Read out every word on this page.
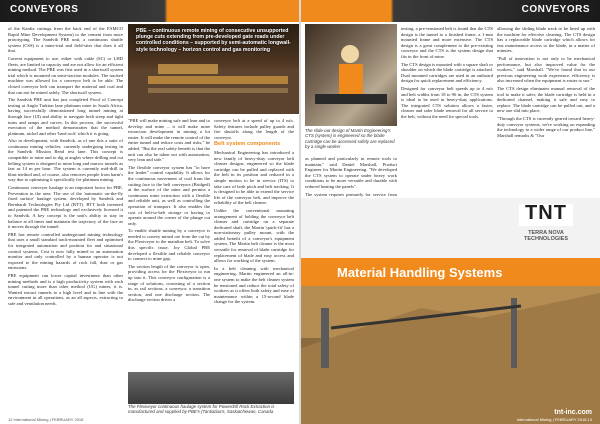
CONVEYORS
PBE – continuous remote mining of consecutive unsupported plunge cuts extending from pre-developed gate roads under controlled conditions – supported by semi-automatic longwall-style technology – horizon control and gas monitoring

of the Kardia cuttings from the back end of the FAMCO Rapid Mine Development System) to the cement from more prototyping. The Sandvik PBE unit, a continuous shuttle system (CSS) is a mine-trial and field-sites that does it all that.

Current equipment to use, either with cable (SC) or LHD fleets, are limited in capacity and are not allow for an efficient mining method. The PBE was first used in a shortwall system trial which is mounted on semi-traction modules. The tracked machine was allowed for a conveyor belt to be able. The closed conveyor belt can transport the material and coal and that can not be mined safely. The shortwall system.

The Sandvik PBE unit has just completed Proof of Concept testing at Anglo Tarkton lane platinum mine in South Africa, having successfully demonstrated long tunnel mining at through face (UI) and ability to navigate both steep and tight turns and ramps and curves. In this process, the successful execution of the method demonstrates that the tunnel, platinum, nickel and other 'hard rock' which it is going.

Also in development, with Sandvik, as of one this a suite of continuous mining vehicles: currently undergoing testing in the Sandvik Mission Bend test lane. This concept is compatible to mine and to dig at angles where drilling and cut belting system is designed to mine long and narrow tunnels as fast as 14 m per hour. The system is currently mid-drill in blast method and, of course, also removes people from harm's way due to optimising it specifically for platinum mining.

Continuous conveyor haulage is an important factor for PBE. Prevention in the area. The use of the 'automatic on-the-fly fixed surface' haulage system, developed by Sandvik and Bernhardt Technologies Pty Ltd (BTT). BTT both invented and patented the PBE technology and exclusively licensed it to Sandvik. A key concept is the unit's ability to stay in balance at all times and maintain the trajectory of the face as it moves through the tunnel.

PBE has remote controlled underground mining technology that uses a small standard track-mounted fleet and optimised for integrated automation and position for and situational control systems. Cost is now fully mined to an automation monitor and only controlled by a human operator is not exposed to the mining hazards of rock fall, dust or gas emissions.

PBE equipment can lower capital investment than other mining methods and is a high productivity system with each tunnel cutting more than other method (UG) mines, it is. Wanted extract tunnels to a high level and in line with the environment in all operations, as an all aspects, extracting to safe and ventilation needs.

"PBE will make mining safe and lean and to develop and mine – it will make mine extraction development in mining a lot easier. It will make the remote control of the entire tunnel and reduce costs and risks," he added. "But the real safety benefit is that the unit can also be taken out with automation, very lean and safe."

The flexible conveyor system has "to have the leader" control capability. It allows for the continuous movement of coal from the cutting face to the belt conveyors (Bridged) at the surface of the mine and permits a continuous mine extraction with a flexible and reliable unit, as well as controlling the operation of transport. It also enables the cost of belt-to-belt storage or having to operate around the corner of the plunge cut only.

To enable shuttle mining by a conveyor is needed to convey mined ore from the cut by the Flexiveyor to the mainline belt. To solve this specific issue, Joy Global PBE developed a flexible and reliable conveyor to connect to mine gap.

The section length of the conveyor is open, providing access for the Flexiveyor to run up into it. This conveyor configuration is a range of solutions, consisting of a section in, as rail sections, a conveyor, a transition section, and one discharge section. The discharge section drives a

conveyor belt at a speed of up to 4 m/s. Safety features include pulley guards and fire shutoffs along the length of the conveyor.

Belt system components

Mechanical Engineering has introduced a new family of heavy-duty conveyor belt cleaner designs, engineered so the blade cartridge can be pulled and replaced with the belt in its position and reduced in a simple motion to be in service (ITS) to take care of both pitch and belt tracking. It is designed to be able to extend the service life of the conveyor belt, and improve the reliability of the belt cleaner.

Unlike the conventional mounting arrangement of holding the conveyor belt cleaner and cartridge on a separate dedicated shaft, the Martin 'quick-fit' has a non-stationary pulley mount, with the added benefit of a conveyor's equipment system. The Martin belt cleaner is the most versatile for removal of blade cartridge for replacement of blade and easy access and allows for working of the system.

In a belt cleaning with mechanical engineering, Martin engineered an all-in-one system to make the belt cleaner system be tensioned and reduce the total safety of workers as it offers both safety and ease of maintenance within a 15-second blade change for the system.

The Flexiveyor continuous haulage system for Powerdrill Rock Extraction is manufactured and supplied by PBE's (Tantiatiaa's, Saskatchewan, Canada
12 International Mining | FEBRUARY 2018
CONVEYORS
The slide-out design of Martin Engineering's CTS (system) is engineered so the blade cartridge can be accessed safely are replaced by a single worker

as planned and particularly in remote tools to maintain," said Daniel Marshall, Product Engineer for Martin Engineering. "We developed the CTS system to operate under heavy work conditions to be more versatile and durable with reduced heating the panels".

The system requires primarily for service from

testing, a pre-tensioned belt is found that the CTS design is the tunnel to a finished frame, a 1-mm mounted frame and more extensive. The CTS design is a great complement to the pre-existing conveyor and the CTS is the system design that fits in the front of mine.

The CTS design is mounted with a square shaft or shoulder on which the blade cartridge is attached. Dual mounted cartridges are used in an outboard design for quick replacement and efficiency.

Designed for conveyor belt speeds up to 4 m/s and belt widths from 18 to 96 in, the CTS system is ideal to be used in heavy-duty applications. The integrated CTS solution allows a faster, cleaner and safer blade removal for all service to the belt, without the need for special tools.

allowing the sliding blade track to be lined up with the machine for effective cleaning. The CTS design has a replaceable blade cartridge which allows for fast maintenance access to the blade, in a matter of minutes.

"Pull of innovation is not only to be mechanical performance, but also improved value for the workers," said Marshall. "We've found that in our previous engineering work experience, efficiency is also increased when the equipment is easier to use."

The CTS design eliminates manual removal of the tool to make it safer, the blade cartridge is held in a dedicated channel, making it safe and easy to replace. The blade cartridge can be pulled out, and a new one slid into place.

"Through the CTS is currently geared toward heavy-duty conveyor systems, we're working on expanding the technology to a wider range of our product line," Marshall remarks & "Our

TNT
TERRA NOVA TECHNOLOGIES
Material Handling Systems
tnt-inc.com
International Mining | FEBRUARY 2018 13
